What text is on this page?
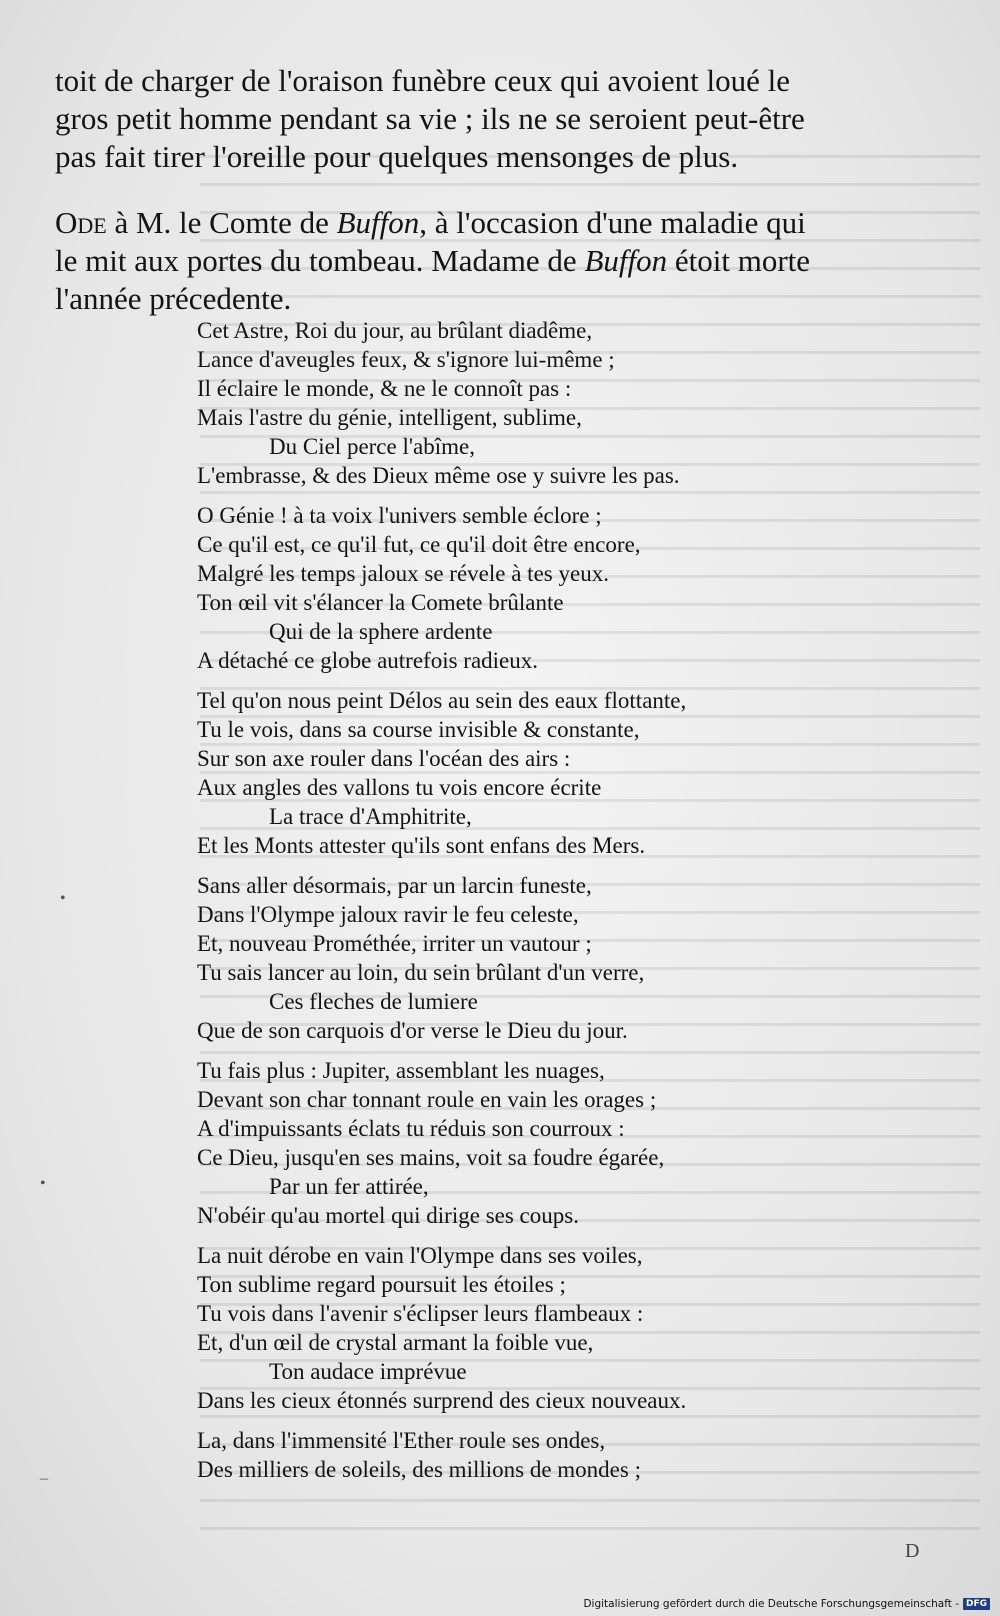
toit de charger de l'oraison funèbre ceux qui avoient loué le
gros petit homme pendant sa vie ; ils ne se seroient peut-être
pas fait tirer l'oreille pour quelques mensonges de plus.
Ode à M. le Comte de Buffon, à l'occasion d'une maladie qui
le mit aux portes du tombeau. Madame de Buffon étoit morte
l'année précedente.
Cet Astre, Roi du jour, au brûlant diadême,
Lance d'aveugles feux, & s'ignore lui-même ;
Il éclaire le monde, & ne le connoît pas :
Mais l'astre du génie, intelligent, sublime,
Du Ciel perce l'abîme,
L'embrasse, & des Dieux même ose y suivre les pas.
O Génie ! à ta voix l'univers semble éclore ;
Ce qu'il est, ce qu'il fut, ce qu'il doit être encore,
Malgré les temps jaloux se révele à tes yeux.
Ton œil vit s'élancer la Comete brûlante
Qui de la sphere ardente
A détaché ce globe autrefois radieux.
Tel qu'on nous peint Délos au sein des eaux flottante,
Tu le vois, dans sa course invisible & constante,
Sur son axe rouler dans l'océan des airs :
Aux angles des vallons tu vois encore écrite
La trace d'Amphitrite,
Et les Monts attester qu'ils sont enfans des Mers.
Sans aller désormais, par un larcin funeste,
Dans l'Olympe jaloux ravir le feu celeste,
Et, nouveau Prométhée, irriter un vautour ;
Tu sais lancer au loin, du sein brûlant d'un verre,
Ces fleches de lumiere
Que de son carquois d'or verse le Dieu du jour.
Tu fais plus : Jupiter, assemblant les nuages,
Devant son char tonnant roule en vain les orages ;
A d'impuissants éclats tu réduis son courroux :
Ce Dieu, jusqu'en ses mains, voit sa foudre égarée,
Par un fer attirée,
N'obéir qu'au mortel qui dirige ses coups.
La nuit dérobe en vain l'Olympe dans ses voiles,
Ton sublime regard poursuit les étoiles ;
Tu vois dans l'avenir s'éclipser leurs flambeaux :
Et, d'un œil de crystal armant la foible vue,
Ton audace imprévue
Dans les cieux étonnés surprend des cieux nouveaux.
La, dans l'immensité l'Ether roule ses ondes,
Des milliers de soleils, des millions de mondes ;
•
•
–
D
Digitalisierung gefördert durch die Deutsche Forschungsgemeinschaft - DFG
